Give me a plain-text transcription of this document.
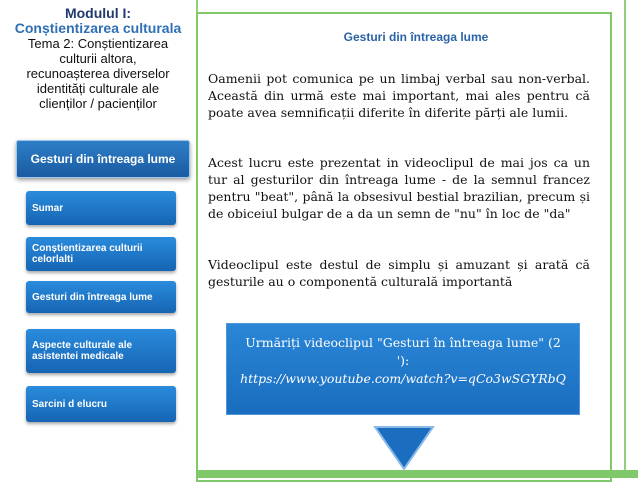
Modulul I:
Conștientizarea culturala
Tema 2: Conștientizarea
culturii altora,
recunoașterea diverselor
identități culturale ale
clienților / pacienților
Gesturi din întreaga lume
Sumar
Conștientizarea culturii celorlalti
Gesturi din întreaga lume
Aspecte culturale ale asistentei medicale
Sarcini d elucru
Gesturi din întreaga lume
Oamenii pot comunica pe un limbaj verbal sau non-verbal. Această din urmă este mai important, mai ales pentru că poate avea semnificații diferite în diferite părți ale lumii.
Acest lucru este prezentat in videoclipul de mai jos ca un tur al gesturilor din întreaga lume - de la semnul francez pentru "beat", până la obsesivul bestial brazilian, precum și de obiceiul bulgar de a da un semn de "nu" în loc de "da"
Videoclipul este destul de simplu și amuzant și arată că gesturile au o componentă culturală importantă
Urmăriți videoclipul "Gesturi în întreaga lume" (2 '):
https://www.youtube.com/watch?v=qCo3wSGYRbQ
